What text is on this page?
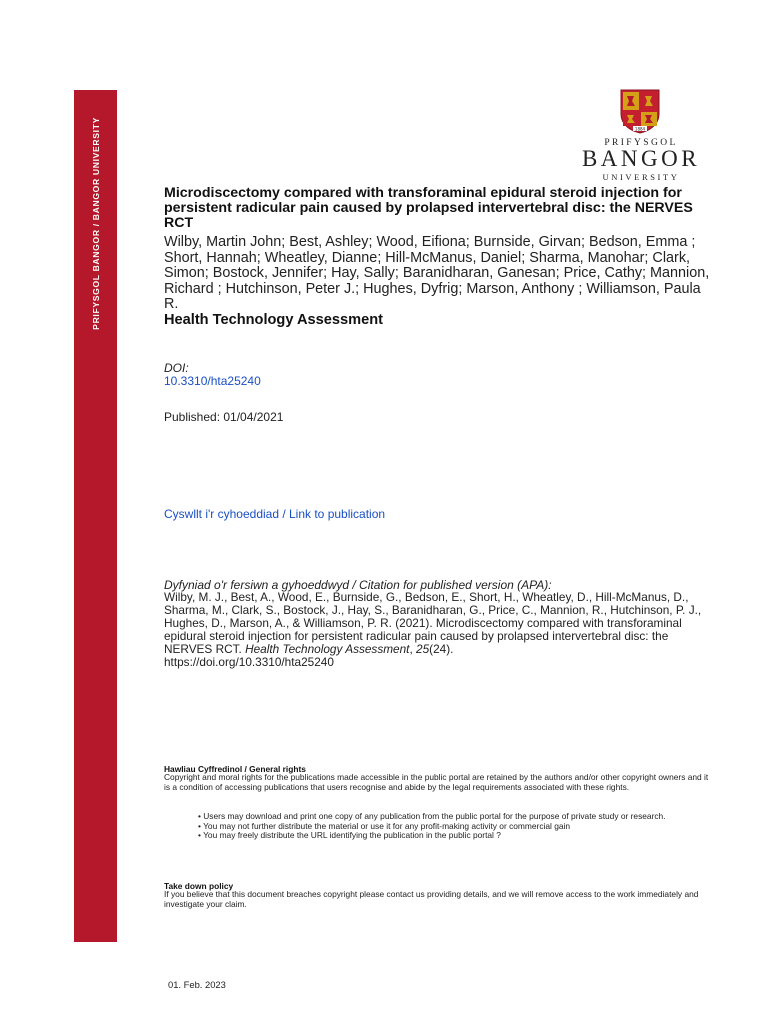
PRIFYSGOL BANGOR / BANGOR UNIVERSITY	1884
PRIFYSGOL
BANGOR
UNIVERSITY
Microdiscectomy compared with transforaminal epidural steroid injection for persistent radicular pain caused by prolapsed intervertebral disc: the NERVES RCT
Wilby, Martin John; Best, Ashley; Wood, Eifiona; Burnside, Girvan; Bedson, Emma ; Short, Hannah; Wheatley, Dianne; Hill-McManus, Daniel; Sharma, Manohar; Clark, Simon; Bostock, Jennifer; Hay, Sally; Baranidharan, Ganesan; Price, Cathy; Mannion, Richard ; Hutchinson, Peter J.; Hughes, Dyfrig; Marson, Anthony ; Williamson, Paula R.
Health Technology Assessment
DOI:
10.3310/hta25240
Published: 01/04/2021
Cyswllt i'r cyhoeddiad / Link to publication
Dyfyniad o'r fersiwn a gyhoeddwyd / Citation for published version (APA):
Wilby, M. J., Best, A., Wood, E., Burnside, G., Bedson, E., Short, H., Wheatley, D., Hill-McManus, D., Sharma, M., Clark, S., Bostock, J., Hay, S., Baranidharan, G., Price, C., Mannion, R., Hutchinson, P. J., Hughes, D., Marson, A., & Williamson, P. R. (2021). Microdiscectomy compared with transforaminal epidural steroid injection for persistent radicular pain caused by prolapsed intervertebral disc: the NERVES RCT. Health Technology Assessment, 25(24).
https://doi.org/10.3310/hta25240
Hawliau Cyffredinol / General rights
Copyright and moral rights for the publications made accessible in the public portal are retained by the authors and/or other copyright owners and it is a condition of accessing publications that users recognise and abide by the legal requirements associated with these rights.

• Users may download and print one copy of any publication from the public portal for the purpose of private study or research.

• You may not further distribute the material or use it for any profit-making activity or commercial gain

• You may freely distribute the URL identifying the publication in the public portal ?

Take down policy
If you believe that this document breaches copyright please contact us providing details, and we will remove access to the work immediately and investigate your claim.
01. Feb. 2023
